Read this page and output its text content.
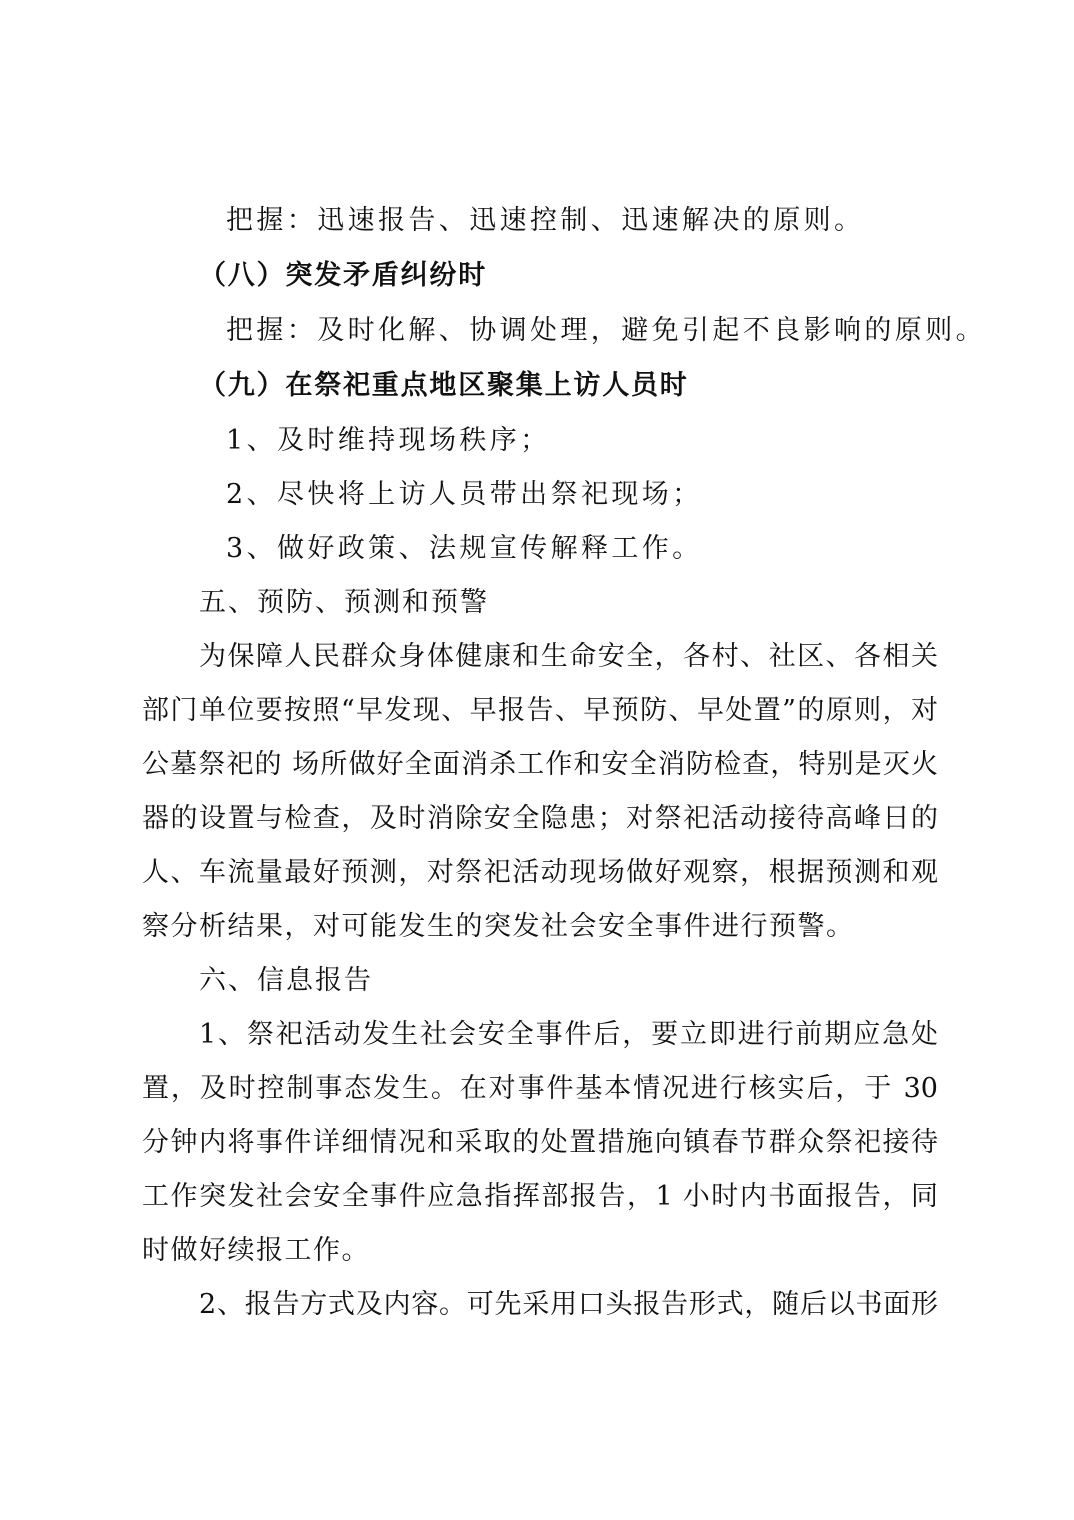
把握：迅速报告、迅速控制、迅速解决的原则。
（八）突发矛盾纠纷时
把握：及时化解、协调处理，避免引起不良影响的原则。
（九）在祭祀重点地区聚集上访人员时
1、及时维持现场秩序；
2、尽快将上访人员带出祭祀现场；
3、做好政策、法规宣传解释工作。
五、预防、预测和预警
为保障人民群众身体健康和生命安全，各村、社区、各相关
部门单位要按照“早发现、早报告、早预防、早处置”的原则，对
公墓祭祀的 场所做好全面消杀工作和安全消防检查，特别是灭火
器的设置与检查，及时消除安全隐患；对祭祀活动接待高峰日的
人、车流量最好预测，对祭祀活动现场做好观察，根据预测和观
察分析结果，对可能发生的突发社会安全事件进行预警。
六、信息报告
1、祭祀活动发生社会安全事件后，要立即进行前期应急处
置，及时控制事态发生。在对事件基本情况进行核实后，于 30
分钟内将事件详细情况和采取的处置措施向镇春节群众祭祀接待
工作突发社会安全事件应急指挥部报告，1 小时内书面报告，同
时做好续报工作。
2、报告方式及内容。可先采用口头报告形式，随后以书面形
